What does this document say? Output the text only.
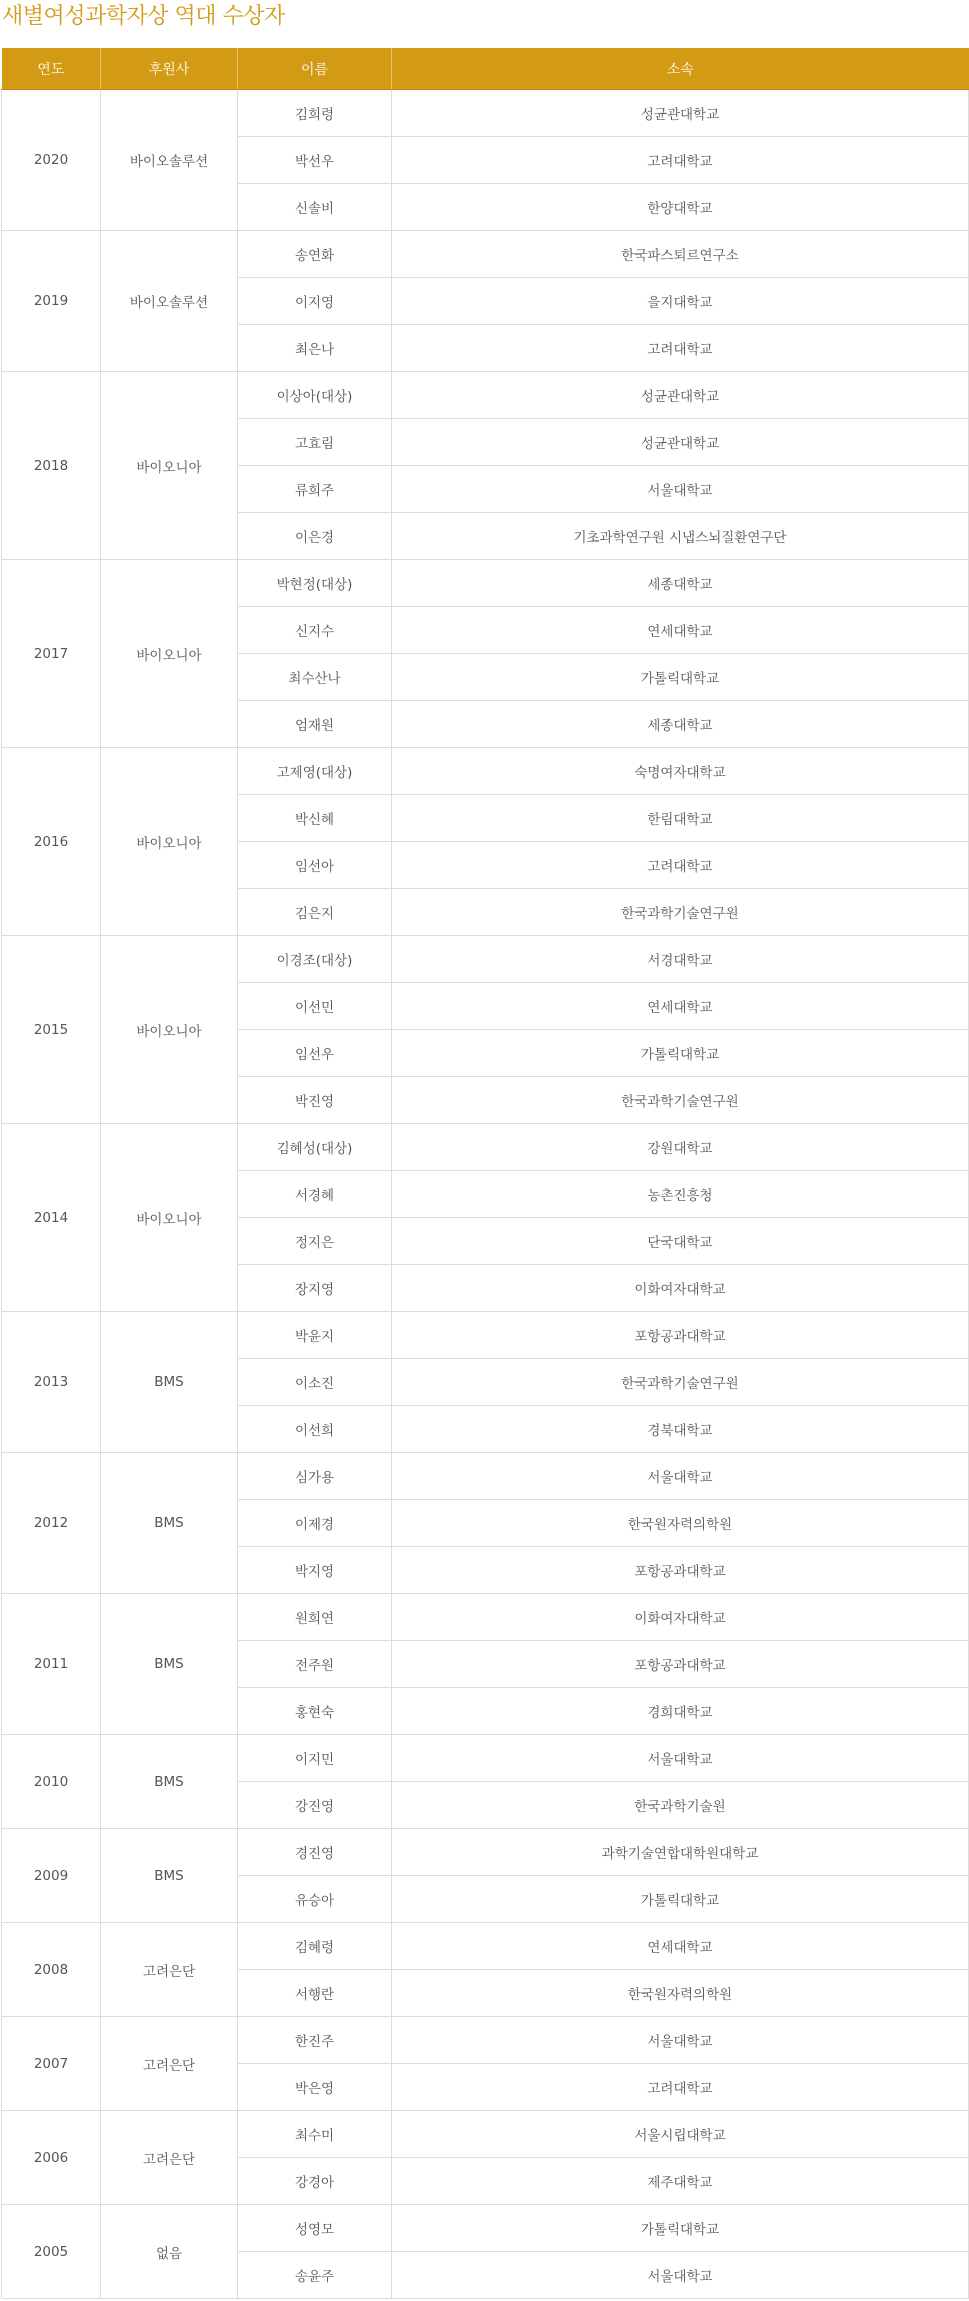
새별여성과학자상 역대 수상자
연도	후원사	이름	소속
2020	바이오솔루션	김희령	성균관대학교
		박선우	고려대학교
		신솔비	한양대학교
2019	바이오솔루션	송연화	한국파스퇴르연구소
		이지영	을지대학교
		최은나	고려대학교
2018	바이오니아	이상아(대상)	성균관대학교
		고효림	성균관대학교
		류희주	서울대학교
		이은경	기초과학연구원 시냅스뇌질환연구단
2017	바이오니아	박현정(대상)	세종대학교
		신지수	연세대학교
		최수산나	가톨릭대학교
		엄재원	세종대학교
2016	바이오니아	고제영(대상)	숙명여자대학교
		박신혜	한림대학교
		임선아	고려대학교
		김은지	한국과학기술연구원
2015	바이오니아	이경조(대상)	서경대학교
		이선민	연세대학교
		임선우	가톨릭대학교
		박진영	한국과학기술연구원
2014	바이오니아	김혜성(대상)	강원대학교
		서경혜	농촌진흥청
		정지은	단국대학교
		장지영	이화여자대학교
2013	BMS	박윤지	포항공과대학교
		이소진	한국과학기술연구원
		이선희	경북대학교
2012	BMS	심가용	서울대학교
		이제경	한국원자력의학원
		박지영	포항공과대학교
2011	BMS	원희연	이화여자대학교
		전주원	포항공과대학교
		홍현숙	경희대학교
2010	BMS	이지민	서울대학교
		강진영	한국과학기술원
2009	BMS	경진영	과학기술연합대학원대학교
		유승아	가톨릭대학교
2008	고려은단	김혜령	연세대학교
		서행란	한국원자력의학원
2007	고려은단	한진주	서울대학교
		박은영	고려대학교
2006	고려은단	최수미	서울시립대학교
		강경아	제주대학교
2005	없음	성영모	가톨릭대학교
		송윤주	서울대학교
